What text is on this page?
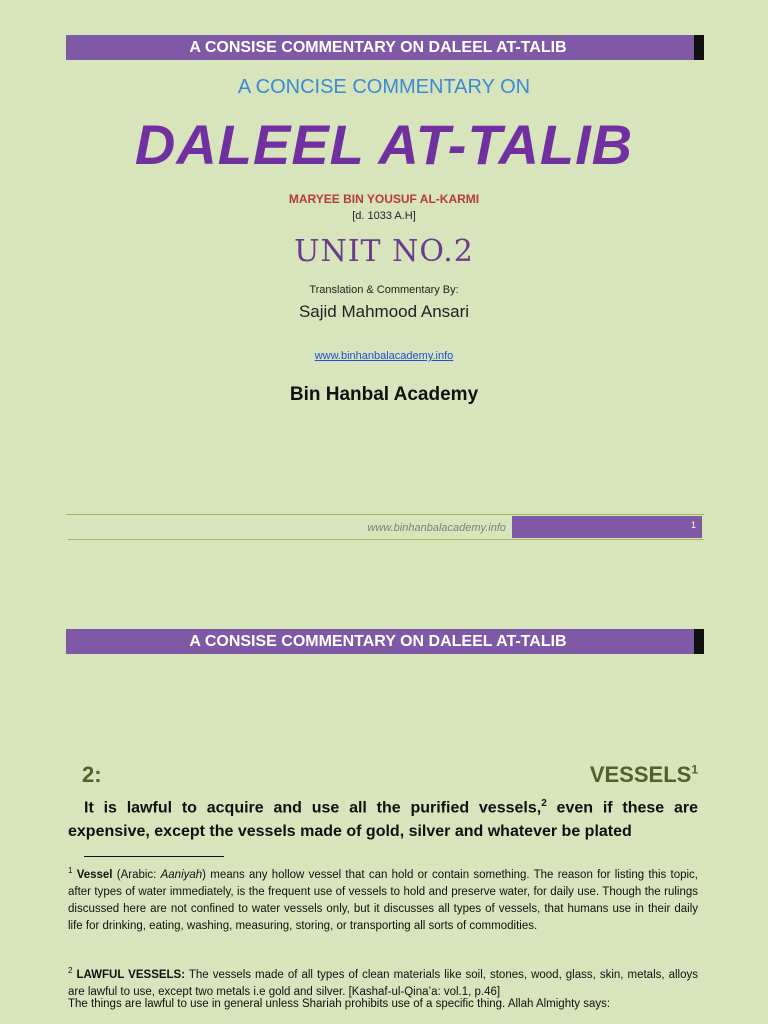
A CONSISE COMMENTARY ON DALEEL AT-TALIB
A CONCISE COMMENTARY ON
DALEEL AT-TALIB
MARYEE BIN YOUSUF AL-KARMI
[d. 1033 A.H]
UNIT NO.2
Translation & Commentary By:
Sajid Mahmood Ansari
www.binhanbalacademy.info
Bin Hanbal Academy
www.binhanbalacademy.info	1
A CONSISE COMMENTARY ON DALEEL AT-TALIB
2:	VESSELS$^1$
It is lawful to acquire and use all the purified vessels,$^2$ even if these are expensive, except the vessels made of gold, silver and whatever be plated
$^1$ Vessel (Arabic: Aaniyah) means any hollow vessel that can hold or contain something. The reason for listing this topic, after types of water immediately, is the frequent use of vessels to hold and preserve water, for daily use. Though the rulings discussed here are not confined to water vessels only, but it discusses all types of vessels, that humans use in their daily life for drinking, eating, washing, measuring, storing, or transporting all sorts of commodities.
$^2$ LAWFUL VESSELS: The vessels made of all types of clean materials like soil, stones, wood, glass, skin, metals, alloys are lawful to use, except two metals i.e gold and silver. [Kashaf-ul-Qina’a: vol.1, p.46]
The things are lawful to use in general unless Shariah prohibits use of a specific thing. Allah Almighty says:
